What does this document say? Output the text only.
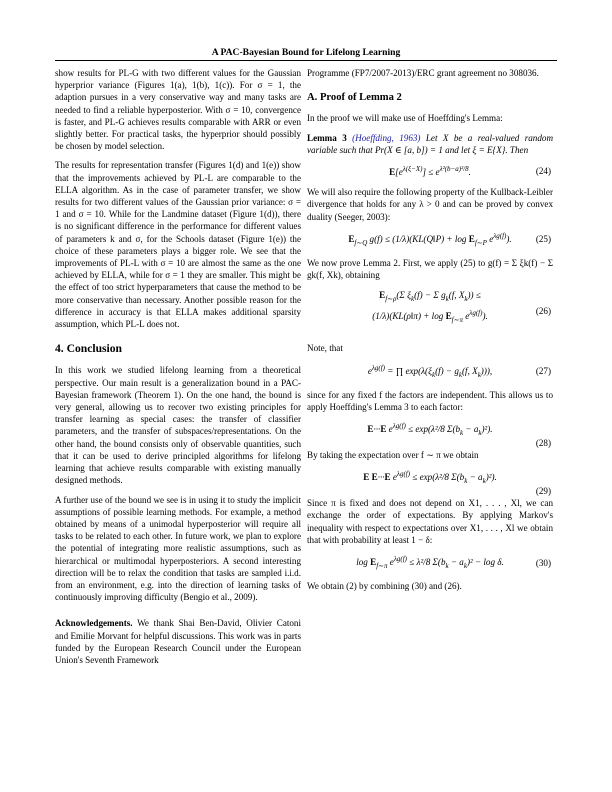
A PAC-Bayesian Bound for Lifelong Learning

show results for PL-G with two different values for the Gaussian hyperprior variance (Figures 1(a), 1(b), 1(c)). For σ = 1, the adaption pursues in a very conservative way and many tasks are needed to find a reliable hyperposterior. With σ = 10, convergence is faster, and PL-G achieves results comparable with ARR or even slightly better. For practical tasks, the hyperprior should possibly be chosen by model selection.

The results for representation transfer (Figures 1(d) and 1(e)) show that the improvements achieved by PL-L are comparable to the ELLA algorithm. As in the case of parameter transfer, we show results for two different values of the Gaussian prior variance: σ = 1 and σ = 10. While for the Landmine dataset (Figure 1(d)), there is no significant difference in the performance for different values of parameters k and σ, for the Schools dataset (Figure 1(e)) the choice of these parameters plays a bigger role. We see that the improvements of PL-L with σ = 10 are almost the same as the one achieved by ELLA, while for σ = 1 they are smaller. This might be the effect of too strict hyperparameters that cause the method to be more conservative than necessary. Another possible reason for the difference in accuracy is that ELLA makes additional sparsity assumption, which PL-L does not.

4. Conclusion

In this work we studied lifelong learning from a theoretical perspective. Our main result is a generalization bound in a PAC-Bayesian framework (Theorem 1). On the one hand, the bound is very general, allowing us to recover two existing principles for transfer learning as special cases: the transfer of classifier parameters, and the transfer of subspaces/representations. On the other hand, the bound consists only of observable quantities, such that it can be used to derive principled algorithms for lifelong learning that achieve results comparable with existing manually designed methods.

A further use of the bound we see is in using it to study the implicit assumptions of possible learning methods. For example, a method obtained by means of a unimodal hyperposterior will require all tasks to be related to each other. In future work, we plan to explore the potential of integrating more realistic assumptions, such as hierarchical or multimodal hyperposteriors. A second interesting direction will be to relax the condition that tasks are sampled i.i.d. from an environment, e.g. into the direction of learning tasks of continuously improving difficulty (Bengio et al., 2009).

Acknowledgements. We thank Shai Ben-David, Olivier Catoni and Emilie Morvant for helpful discussions. This work was in parts funded by the European Research Council under the European Union's Seventh Framework

Programme (FP7/2007-2013)/ERC grant agreement no 308036.

A. Proof of Lemma 2

In the proof we will make use of Hoeffding's Lemma:

Lemma 3 (Hoeffding, 1963) Let X be a real-valued random variable such that Pr(X ∈ [a, b]) = 1 and let ξ = E{X}. Then

$E[e^{\lambda(\xi-X)}] \le e^{\lambda^2(b-a)^2/8}$.	(24)

We will also require the following property of the Kullback-Leibler divergence that holds for any λ > 0 and can be proved by convex duality (Seeger, 2003):

$E_{f\sim Q}$ g(f) ≤ (1/λ)(KL(Q‖P) + $\log E_{f\sim P}$ $e^{\lambda g(f)}$).	(25)

We now prove Lemma 2. First, we apply (25) to g(f) = Σ ξk(f) − Σ gk(f, Xk), obtaining

$E_{f\sim\rho}(\Sigma$ $\xi_k(f) - \Sigma$ $g_k(f$, $X_k$)) ≤
(1/λ)(KL(ρ‖π) + $\log E_{f\sim\pi}$ $e^{\lambda g(f)}$).	(26)

Note, that

$e^{\lambda g(f)}$ = ∏ $\exp(\lambda(\xi_k(f) - g_k(f$, $X_k$))),	(27)

since for any fixed f the factors are independent. This allows us to apply Hoeffding's Lemma 3 to each factor:

E···E $e^{\lambda g(f)} \le \exp(\lambda^2/8$ $\Sigma(b_k - a_k)^2$).
(28)

By taking the expectation over f ∼ π we obtain

E E···E $e^{\lambda g(f)} \le \exp(\lambda^2/8$ $\Sigma(b_k - a_k)^2$).
(29)

Since π is fixed and does not depend on X1, . . . , Xl, we can exchange the order of expectations. By applying Markov's inequality with respect to expectations over X1, . . . , Xl we obtain that with probability at least 1 − δ:

$\log E_{f\sim\pi}$ $e^{\lambda g(f)} \le \lambda^2/8$ $\Sigma(b_k - a_k)^2 - \log \delta$.	(30)

We obtain (2) by combining (30) and (26).
